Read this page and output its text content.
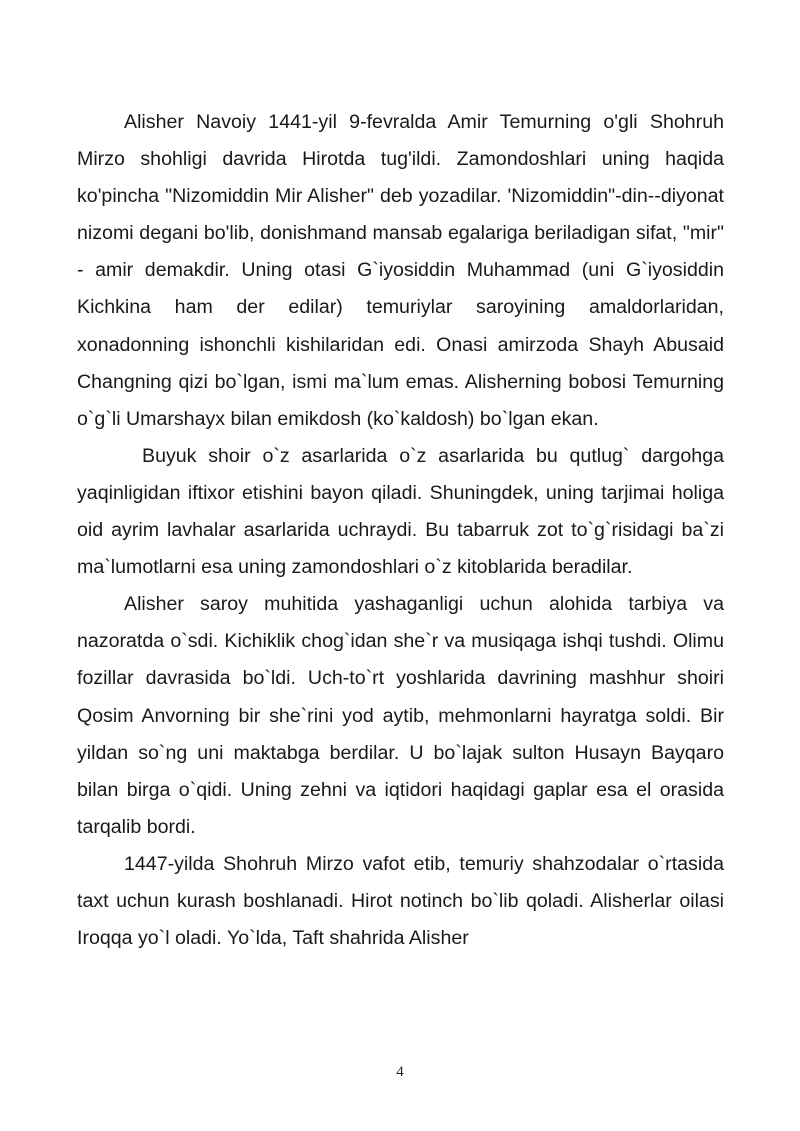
Alisher Navoiy 1441-yil 9-fevralda Amir Temurning o'gli Shohruh Mirzo shohligi davrida Hirotda tug'ildi. Zamondoshlari uning haqida ko'pincha "Nizomiddin Mir Alisher" deb yozadilar. 'Nizomiddin"-din--diyonat nizomi degani bo'lib, donishmand mansab egalariga beriladigan sifat, "mir" - amir demakdir. Uning otasi G`iyosiddin Muhammad (uni G`iyosiddin Kichkina ham der edilar) temuriylar saroyining amaldorlaridan, xonadonning ishonchli kishilaridan edi. Onasi amirzoda Shayh Abusaid Changning qizi bo`lgan, ismi ma`lum emas. Alisherning bobosi Temurning o`g`li Umarshayx bilan emikdosh (ko`kaldosh) bo`lgan ekan.

Buyuk shoir o`z asarlarida o`z asarlarida bu qutlug` dargohga yaqinligidan iftixor etishini bayon qiladi. Shuningdek, uning tarjimai holiga oid ayrim lavhalar asarlarida uchraydi. Bu tabarruk zot to`g`risidagi ba`zi ma`lumotlarni esa uning zamondoshlari o`z kitoblarida beradilar.

Alisher saroy muhitida yashaganligi uchun alohida tarbiya va nazoratda o`sdi. Kichiklik chog`idan she`r va musiqaga ishqi tushdi. Olimu fozillar davrasida bo`ldi. Uch-to`rt yoshlarida davrining mashhur shoiri Qosim Anvorning bir she`rini yod aytib, mehmonlarni hayratga soldi. Bir yildan so`ng uni maktabga berdilar. U bo`lajak sulton Husayn Bayqaro bilan birga o`qidi. Uning zehni va iqtidori haqidagi gaplar esa el orasida tarqalib bordi.

1447-yilda Shohruh Mirzo vafot etib, temuriy shahzodalar o`rtasida taxt uchun kurash boshlanadi. Hirot notinch bo`lib qoladi. Alisherlar oilasi Iroqqa yo`l oladi. Yo`lda, Taft shahrida Alisher

4
